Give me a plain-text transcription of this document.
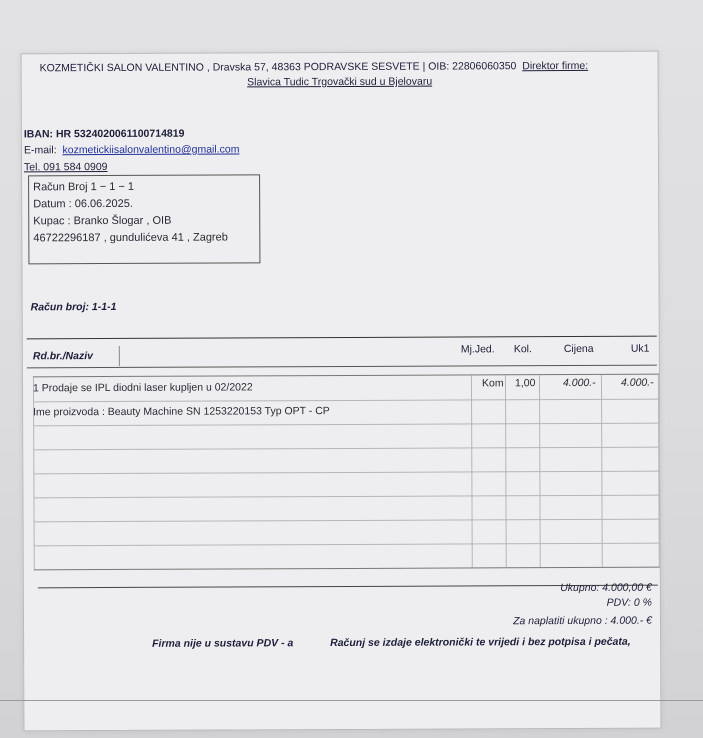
KOZMETIČKI SALON VALENTINO , Dravska 57, 48363 PODRAVSKE SESVETE | OIB: 22806060350 Direktor firme:
Slavica Tudic Trgovački sud u Bjelovaru
IBAN: HR 5324020061100714819
E-mail: kozmetickiisalonvalentino@gmail.com
Tel. 091 584 0909
Račun Broj 1 − 1 − 1
Datum : 06.06.2025.
Kupac : Branko Šlogar , OIB
46722296187 , gundulićeva 41 , Zagreb
Račun broj: 1-1-1
Rd.br./Naziv
Mj.Jed. Kol.	Cijena	Uk1
1 Prodaje se IPL diodni laser kupljen u 02/2022	Kom 1,00	4.000.- 4.000.-
Ime proizvoda : Beauty Machine SN 1253220153 Typ OPT - CP
Ukupno: 4.000,00 €
PDV: 0 %
Za naplatiti ukupno : 4.000.- €
Firma nije u sustavu PDV - a	Računj se izdaje elektronički te vrijedi i bez potpisa i pečata,
